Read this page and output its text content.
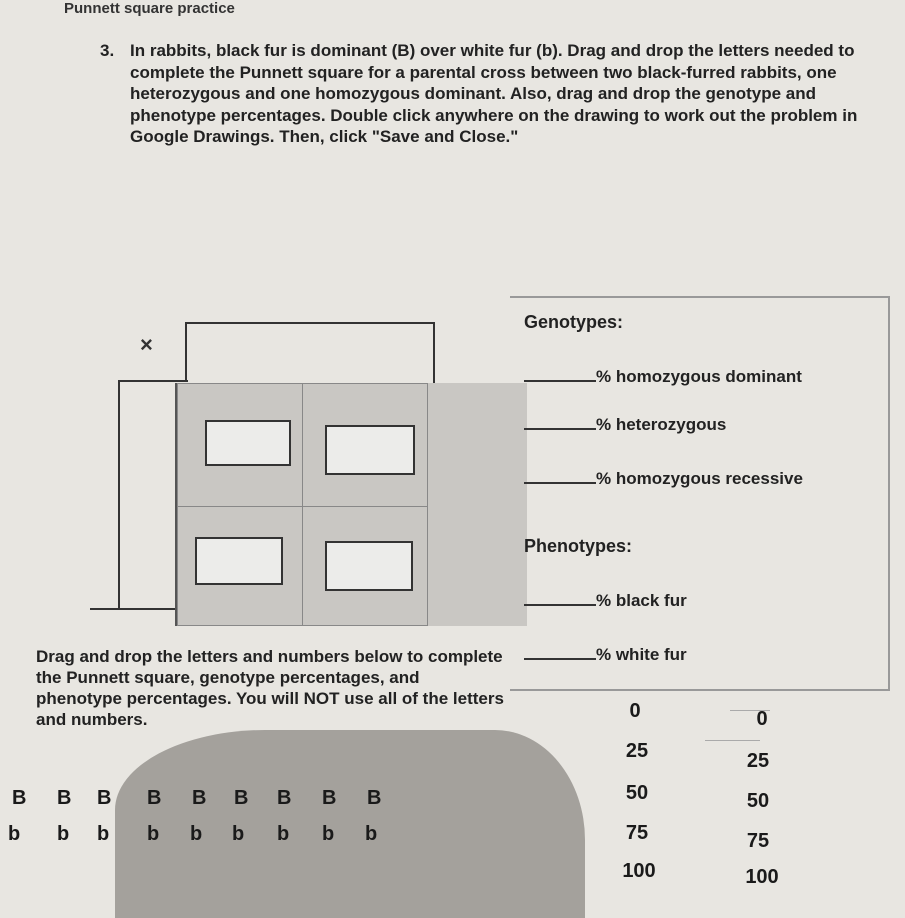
Punnett square practice
3. In rabbits, black fur is dominant (B) over white fur (b). Drag and drop the letters needed to complete the Punnett square for a parental cross between two black-furred rabbits, one heterozygous and one homozygous dominant. Also, drag and drop the genotype and phenotype percentages. Double click anywhere on the drawing to work out the problem in Google Drawings. Then, click "Save and Close."
×
Genotypes:
% homozygous dominant
% heterozygous
% homozygous recessive
Phenotypes:
% black fur
% white fur
Drag and drop the letters and numbers below to complete the Punnett square, genotype percentages, and phenotype percentages. You will NOT use all of the letters and numbers.
B B B B B B B B B
b b b b b b b b b
0
25
50
75
100
0
25
50
75
100
